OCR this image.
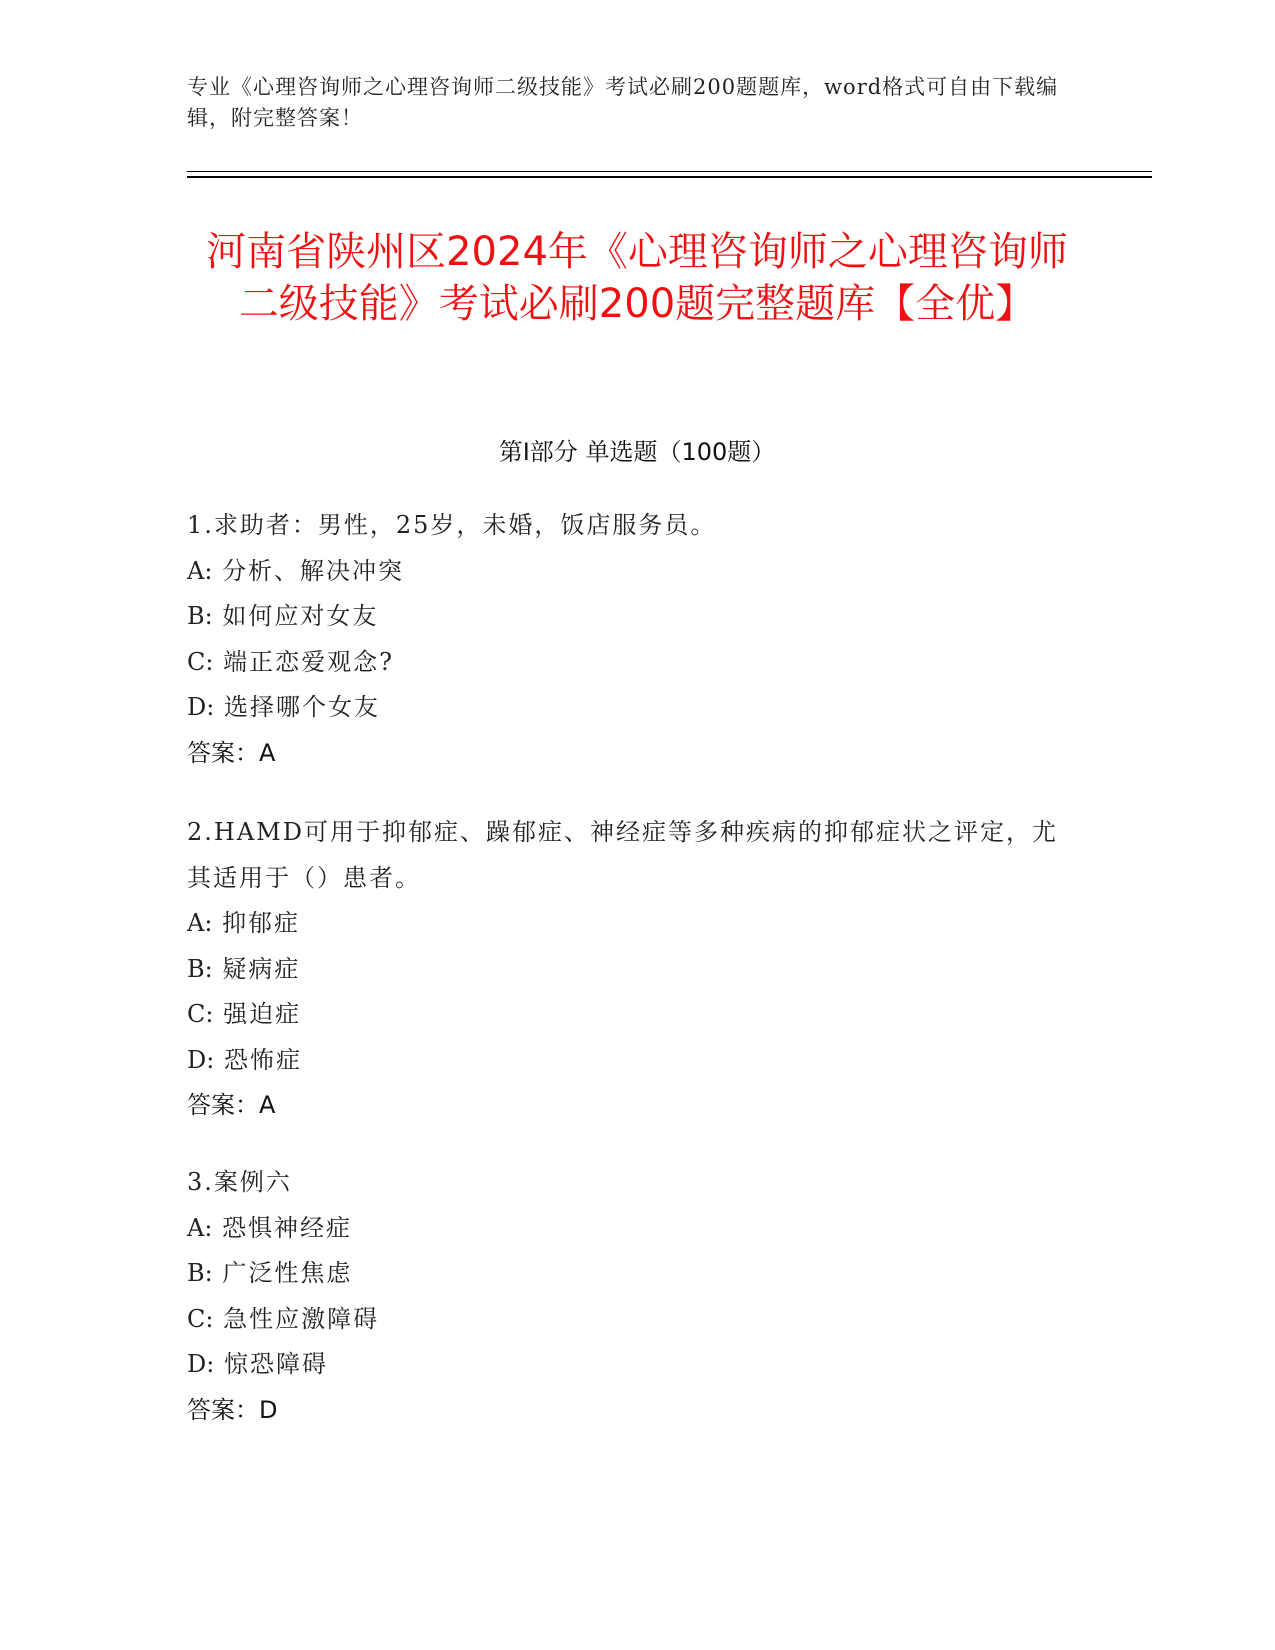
专业《心理咨询师之心理咨询师二级技能》考试必刷200题题库，word格式可自由下载编辑，附完整答案！
河南省陕州区2024年《心理咨询师之心理咨询师二级技能》考试必刷200题完整题库【全优】
第Ⅰ部分 单选题（100题）
1.求助者：男性，25岁，未婚，饭店服务员。
A: 分析、解决冲突
B: 如何应对女友
C: 端正恋爱观念?
D: 选择哪个女友
答案：A
2.HAMD可用于抑郁症、躁郁症、神经症等多种疾病的抑郁症状之评定，尤其适用于（）患者。
A: 抑郁症
B: 疑病症
C: 强迫症
D: 恐怖症
答案：A
3.案例六
A: 恐惧神经症
B: 广泛性焦虑
C: 急性应激障碍
D: 惊恐障碍
答案：D
